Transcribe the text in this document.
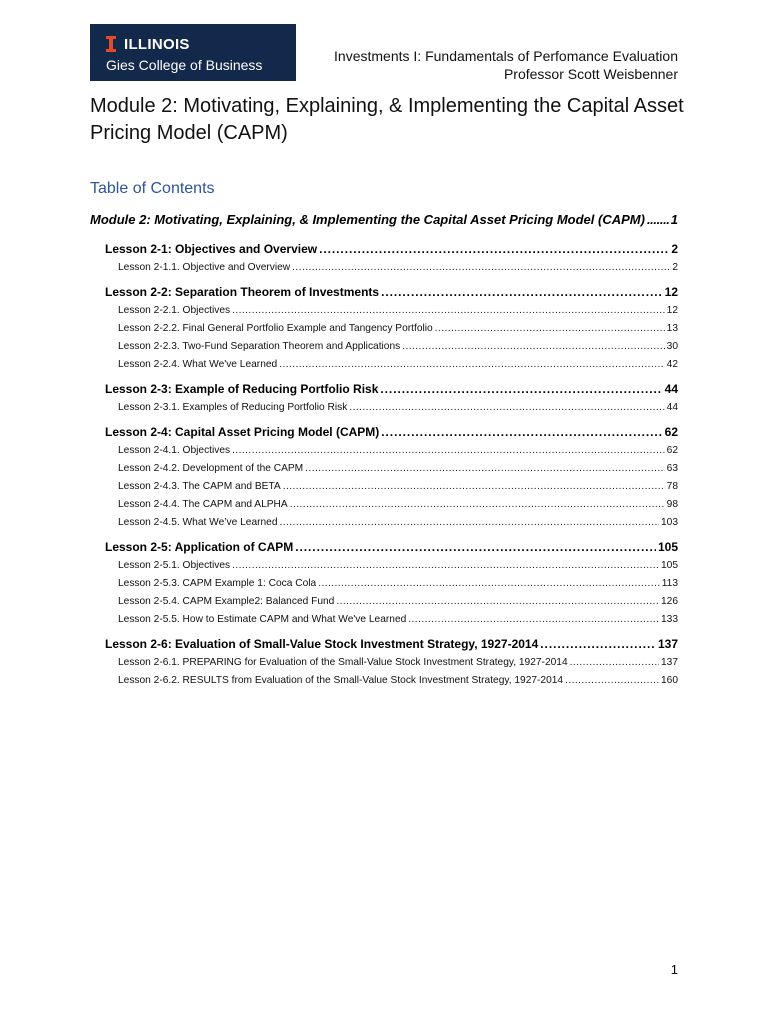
ILLINOIS
Gies College of Business
Investments I: Fundamentals of Perfomance Evaluation
Professor Scott Weisbenner
Module 2: Motivating, Explaining, & Implementing the Capital Asset Pricing Model (CAPM)
Table of Contents
Module 2: Motivating, Explaining, & Implementing the Capital Asset Pricing Model (CAPM) . . . 1
Lesson 2-1: Objectives and Overview . . .	2
Lesson 2-1.1. Objective and Overview . . .	2
Lesson 2-2: Separation Theorem of Investments . . .	12
Lesson 2-2.1. Objectives . . .	12
Lesson 2-2.2. Final General Portfolio Example and Tangency Portfolio . . .	13
Lesson 2-2.3. Two-Fund Separation Theorem and Applications . . .	30
Lesson 2-2.4. What We've Learned . . .	42
Lesson 2-3: Example of Reducing Portfolio Risk . . .	44
Lesson 2-3.1. Examples of Reducing Portfolio Risk . . .	44
Lesson 2-4: Capital Asset Pricing Model (CAPM) . . .	62
Lesson 2-4.1. Objectives . . .	62
Lesson 2-4.2. Development of the CAPM . . .	63
Lesson 2-4.3. The CAPM and BETA . . .	78
Lesson 2-4.4. The CAPM and ALPHA . . .	98
Lesson 2-4.5. What We’ve Learned . . .	103
Lesson 2-5: Application of CAPM . . .	105
Lesson 2-5.1. Objectives . . .	105
Lesson 2-5.3. CAPM Example 1: Coca Cola . . .	113
Lesson 2-5.4. CAPM Example2: Balanced Fund . . .	126
Lesson 2-5.5. How to Estimate CAPM and What We've Learned . . .	133
Lesson 2-6: Evaluation of Small-Value Stock Investment Strategy, 1927-2014 . . .	137
Lesson 2-6.1. PREPARING for Evaluation of the Small-Value Stock Investment Strategy, 1927-2014 . . .	137
Lesson 2-6.2. RESULTS from Evaluation of the Small-Value Stock Investment Strategy, 1927-2014 . . .	160
1
